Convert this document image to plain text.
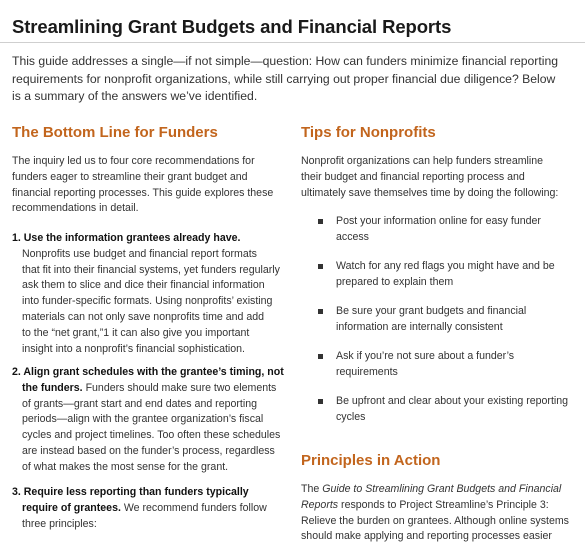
Streamlining Grant Budgets and Financial Reports
This guide addresses a single—if not simple—question: How can funders minimize financial reporting
requirements for nonprofit organizations, while still carrying out proper financial due diligence? Below
is a summary of the answers we’ve identified.
The Bottom Line for Funders
The inquiry led us to four core recommendations for
funders eager to streamline their grant budget and
financial reporting processes. This guide explores these
recommendations in detail.
1. Use the information grantees already have.
Nonprofits use budget and financial report formats
that fit into their financial systems, yet funders regularly
ask them to slice and dice their financial information
into funder-specific formats. Using nonprofits’ existing
materials can not only save nonprofits time and add
to the “net grant,”1 it can also give you important
insight into a nonprofit’s financial sophistication.
2. Align grant schedules with the grantee’s timing, not
the funders. Funders should make sure two elements
of grants—grant start and end dates and reporting
periods—align with the grantee organization’s fiscal
cycles and project timelines. Too often these schedules
are instead based on the funder’s process, regardless
of what makes the most sense for the grant.
3. Require less reporting than funders typically
require of grantees. We recommend funders follow
three principles:
Tips for Nonprofits
Nonprofit organizations can help funders streamline
their budget and financial reporting process and
ultimately save themselves time by doing the following:
Post your information online for easy funder
access
Watch for any red flags you might have and be
prepared to explain them
Be sure your grant budgets and financial
information are internally consistent
Ask if you’re not sure about a funder’s
requirements
Be upfront and clear about your existing reporting
cycles
Principles in Action
The Guide to Streamlining Grant Budgets and Financial
Reports responds to Project Streamline’s Principle 3:
Relieve the burden on grantees. Although online systems
should make applying and reporting processes easier
